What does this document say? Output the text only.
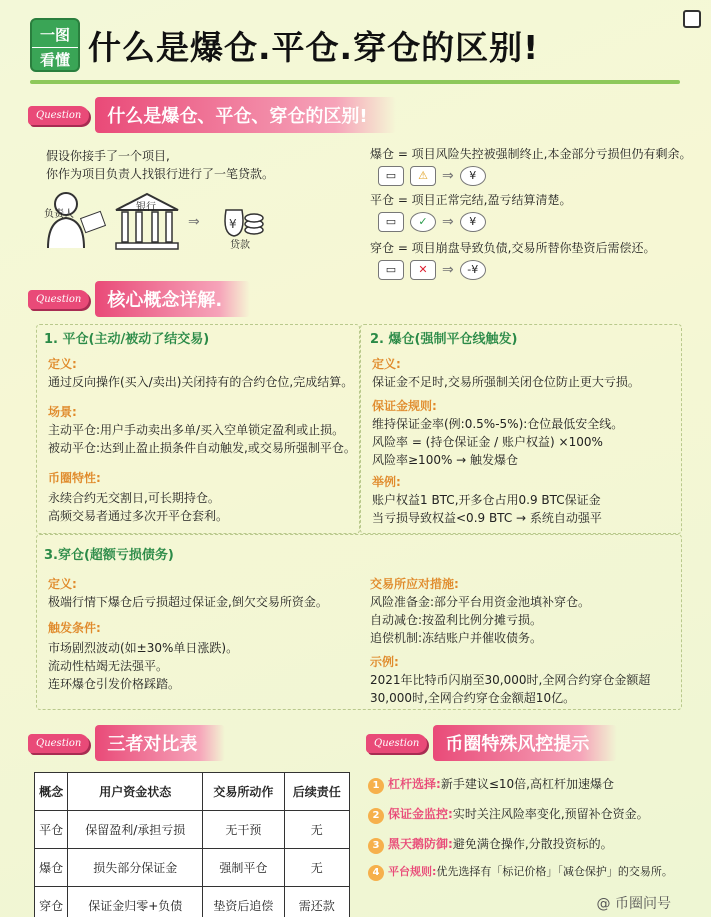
一图
看懂 什么是爆仓.平仓.穿仓的区别!
Question	什么是爆仓、平仓、穿仓的区别!
假设你接手了一个项目,
你作为项目负责人找银行进行了一笔贷款。
负责人
银行
⇒ ¥
贷款
爆仓 = 项目风险失控被强制终止,本金部分亏损但仍有剩余。
▭	⚠	⇒	¥
平仓 = 项目正常完结,盈亏结算清楚。
▭	✓	⇒	¥
穿仓 = 项目崩盘导致负债,交易所替你垫资后需偿还。
▭	✕	⇒	-¥
Question	核心概念详解.
1. 平仓(主动/被动了结交易)
定义:
通过反向操作(买入/卖出)关闭持有的合约仓位,完成结算。
场景:
主动平仓:用户手动卖出多单/买入空单锁定盈利或止损。
被动平仓:达到止盈止损条件自动触发,或交易所强制平仓。
币圈特性:
永续合约无交割日,可长期持仓。
高频交易者通过多次开平仓套利。
2. 爆仓(强制平仓线触发)
定义:
保证金不足时,交易所强制关闭仓位防止更大亏损。
保证金规则:
维持保证金率(例:0.5%-5%):仓位最低安全线。
风险率 = (持仓保证金 / 账户权益) ×100%
风险率≥100% → 触发爆仓
举例:
账户权益1 BTC,开多仓占用0.9 BTC保证金
当亏损导致权益<0.9 BTC → 系统自动强平
3.穿仓(超额亏损债务)
定义:
极端行情下爆仓后亏损超过保证金,倒欠交易所资金。
触发条件:
市场剧烈波动(如±30%单日涨跌)。
流动性枯竭无法强平。
连环爆仓引发价格踩踏。
交易所应对措施:
风险准备金:部分平台用资金池填补穿仓。
自动减仓:按盈利比例分摊亏损。
追偿机制:冻结账户并催收债务。
示例:
2021年比特币闪崩至30,000时,全网合约穿仓金额超
30,000时,全网合约穿仓金额超10亿。
Question	三者对比表
概念	用户资金状态	交易所动作	后续责任
平仓	保留盈利/承担亏损	无干预	无
爆仓	损失部分保证金	强制平仓	无
穿仓	保证金归零+负债	垫资后追偿	需还款
Question	币圈特殊风控提示
1 杠杆选择:新手建议≤10倍,高杠杆加速爆仓
2 保证金监控:实时关注风险率变化,预留补仓资金。
3 黑天鹅防御:避免满仓操作,分散投资标的。
4 平台规则:优先选择有「标记价格」「减仓保护」的交易所。
@ 币圈问号
